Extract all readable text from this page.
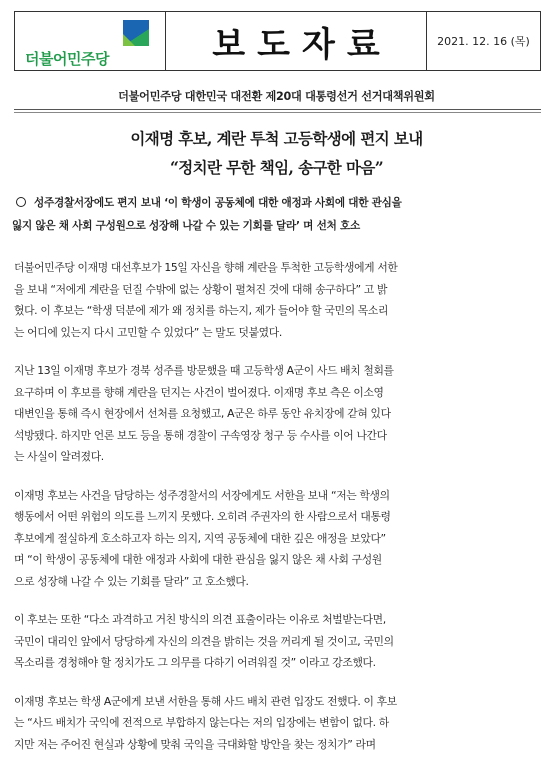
더불어민주당	보도자료	2021. 12. 16 (목)
더불어민주당 대한민국 대전환 제20대 대통령선거 선거대책위원회
이재명 후보, 계란 투척 고등학생에 편지 보내
“정치란 무한 책임, 송구한 마음”
성주경찰서장에도 편지 보내 ‘이 학생이 공동체에 대한 애정과 사회에 대한 관심을
잃지 않은 채 사회 구성원으로 성장해 나갈 수 있는 기회를 달라’ 며 선처 호소
더불어민주당 이재명 대선후보가 15일 자신을 향해 계란을 투척한 고등학생에게 서한
을 보내 “저에게 계란을 던질 수밖에 없는 상황이 펼쳐진 것에 대해 송구하다” 고 밝
혔다. 이 후보는 “학생 덕분에 제가 왜 정치를 하는지, 제가 들어야 할 국민의 목소리
는 어디에 있는지 다시 고민할 수 있었다” 는 말도 덧붙였다.
지난 13일 이재명 후보가 경북 성주를 방문했을 때 고등학생 A군이 사드 배치 철회를
요구하며 이 후보를 향해 계란을 던지는 사건이 벌어졌다. 이재명 후보 측은 이소영
대변인을 통해 즉시 현장에서 선처를 요청했고, A군은 하루 동안 유치장에 갇혀 있다
석방됐다. 하지만 언론 보도 등을 통해 경찰이 구속영장 청구 등 수사를 이어 나간다
는 사실이 알려졌다.
이재명 후보는 사건을 담당하는 성주경찰서의 서장에게도 서한을 보내 “저는 학생의
행동에서 어떤 위험의 의도를 느끼지 못했다. 오히려 주권자의 한 사람으로서 대통령
후보에게 절실하게 호소하고자 하는 의지, 지역 공동체에 대한 깊은 애정을 보았다”
며 “이 학생이 공동체에 대한 애정과 사회에 대한 관심을 잃지 않은 채 사회 구성원
으로 성장해 나갈 수 있는 기회를 달라” 고 호소했다.
이 후보는 또한 “다소 과격하고 거친 방식의 의견 표출이라는 이유로 처벌받는다면,
국민이 대리인 앞에서 당당하게 자신의 의견을 밝히는 것을 꺼리게 될 것이고, 국민의
목소리를 경청해야 할 정치가도 그 의무를 다하기 어려워질 것” 이라고 강조했다.
이재명 후보는 학생 A군에게 보낸 서한을 통해 사드 배치 관련 입장도 전했다. 이 후보
는 “사드 배치가 국익에 전적으로 부합하지 않는다는 저의 입장에는 변함이 없다. 하
지만 저는 주어진 현실과 상황에 맞춰 국익을 극대화할 방안을 찾는 정치가” 라며
